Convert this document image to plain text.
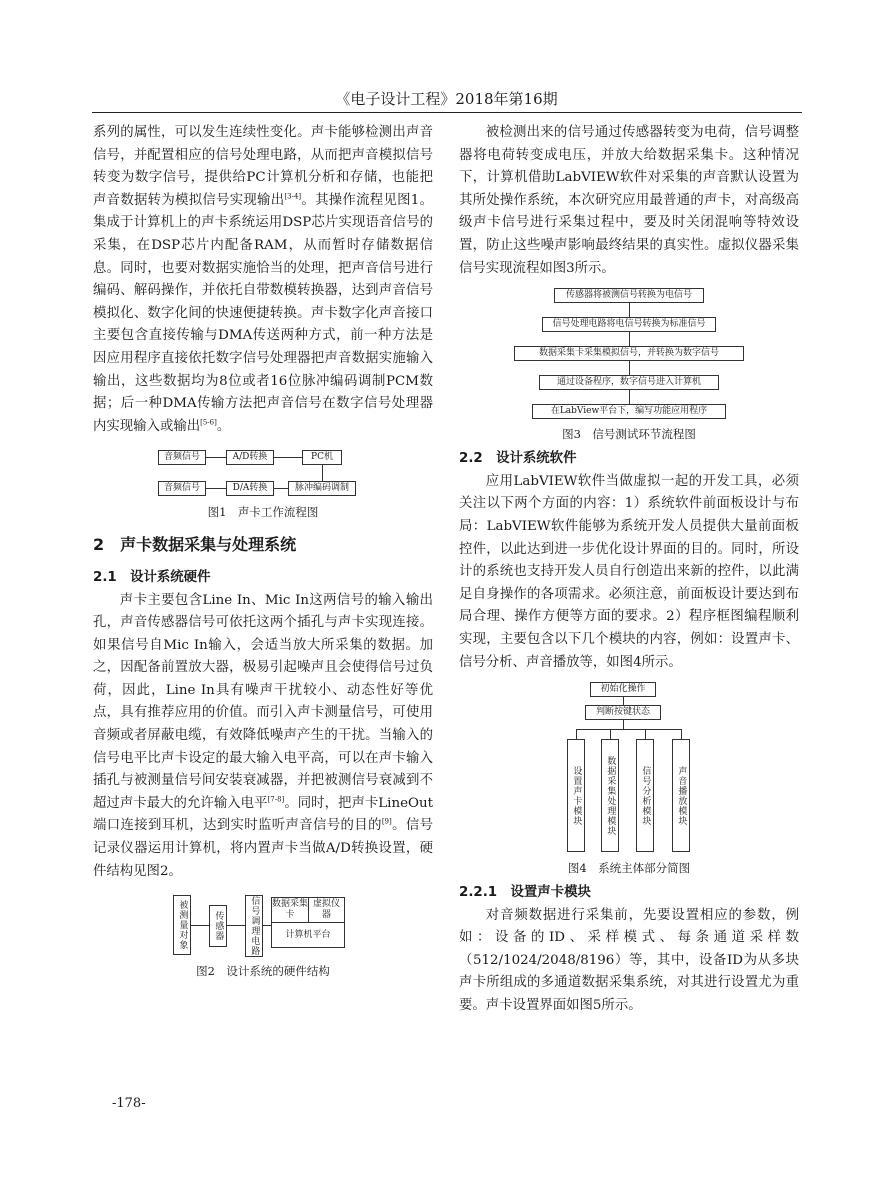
《电子设计工程》2018年第16期

系列的属性，可以发生连续性变化。声卡能够检测出声音信号，并配置相应的信号处理电路，从而把声音模拟信号转变为数字信号，提供给PC计算机分析和存储，也能把声音数据转为模拟信号实现输出[3-4]。其操作流程见图1。集成于计算机上的声卡系统运用DSP芯片实现语音信号的采集，在DSP芯片内配备RAM，从而暂时存储数据信息。同时，也要对数据实施恰当的处理，把声音信号进行编码、解码操作，并依托自带数模转换器，达到声音信号模拟化、数字化间的快速便捷转换。声卡数字化声音接口主要包含直接传输与DMA传送两种方式，前一种方法是因应用程序直接依托数字信号处理器把声音数据实施输入输出，这些数据均为8位或者16位脉冲编码调制PCM数据；后一种DMA传输方法把声音信号在数字信号处理器内实现输入或输出[5-6]。

音频信号	A/D转换	PC机
音频信号	D/A转换	脉冲编码调制
图1　声卡工作流程图
2　声卡数据采集与处理系统
2.1　设计系统硬件

声卡主要包含Line In、Mic In这两信号的输入输出孔，声音传感器信号可依托这两个插孔与声卡实现连接。如果信号自Mic In输入，会适当放大所采集的数据。加之，因配备前置放大器，极易引起噪声且会使得信号过负荷，因此，Line In具有噪声干扰较小、动态性好等优点，具有推荐应用的价值。而引入声卡测量信号，可使用音频或者屏蔽电缆，有效降低噪声产生的干扰。当输入的信号电平比声卡设定的最大输入电平高，可以在声卡输入插孔与被测量信号间安装衰减器，并把被测信号衰减到不超过声卡最大的允许输入电平[7-8]。同时，把声卡LineOut端口连接到耳机，达到实时监听声音信号的目的[9]。信号记录仪器运用计算机，将内置声卡当做A/D转换设置，硬件结构见图2。

被测量对象	传感器	信号调理电路	数据采集卡
虚拟仪器
计算机平台
图2　设计系统的硬件结构

被检测出来的信号通过传感器转变为电荷，信号调整器将电荷转变成电压，并放大给数据采集卡。这种情况下，计算机借助LabVIEW软件对采集的声音默认设置为其所处操作系统，本次研究应用最普通的声卡，对高级高级声卡信号进行采集过程中，要及时关闭混响等特效设置，防止这些噪声影响最终结果的真实性。虚拟仪器采集信号实现流程如图3所示。

传感器将被测信号转换为电信号
信号处理电路将电信号转换为标准信号
数据采集卡采集模拟信号，并转换为数字信号
通过设备程序，数字信号进入计算机
在LabView平台下，编写功能应用程序
图3　信号测试环节流程图
2.2　设计系统软件

应用LabVIEW软件当做虚拟一起的开发工具，必须关注以下两个方面的内容：1）系统软件前面板设计与布局：LabVIEW软件能够为系统开发人员提供大量前面板控件，以此达到进一步优化设计界面的目的。同时，所设计的系统也支持开发人员自行创造出来新的控件，以此满足自身操作的各项需求。必须注意，前面板设计要达到布局合理、操作方便等方面的要求。2）程序框图编程顺利实现，主要包含以下几个模块的内容，例如：设置声卡、信号分析、声音播放等，如图4所示。

初始化操作
判断按键状态
设置声卡模块	数据采集处理模块	信号分析模块	声音播放模块
图4　系统主体部分简图
2.2.1　设置声卡模块

对音频数据进行采集前，先要设置相应的参数，例如：设备的ID、采样模式、每条通道采样数（512/1024/2048/8196）等，其中，设备ID为从多块声卡所组成的多通道数据采集系统，对其进行设置尤为重要。声卡设置界面如图5所示。

-178-
